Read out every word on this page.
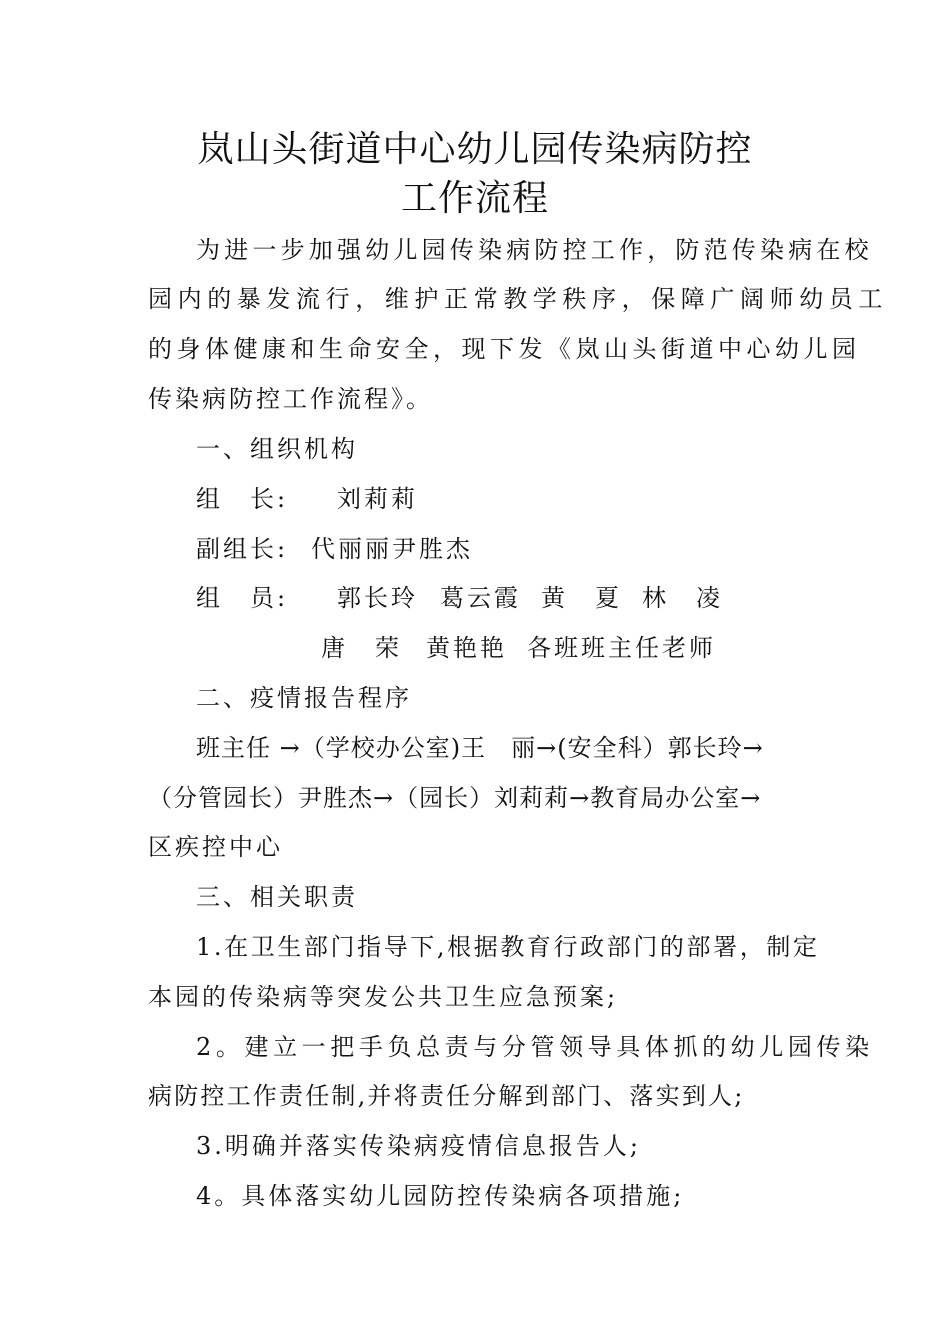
岚山头街道中心幼儿园传染病防控
工作流程
为进一步加强幼儿园传染病防控工作，防范传染病在校
园内的暴发流行，维护正常教学秩序，保障广阔师幼员工
的身体健康和生命安全，现下发《岚山头街道中心幼儿园
传染病防控工作流程》。
一、组织机构
组　长: 刘莉莉
副组长: 代丽丽尹胜杰
组　员: 郭长玲 葛云霞 黄　夏 林　凌
唐　荣 黄艳艳 各班班主任老师
二、疫情报告程序
班主任 →（学校办公室)王　丽→(安全科）郭长玲→
（分管园长）尹胜杰→（园长）刘莉莉→教育局办公室→
区疾控中心
三、相关职责
1.在卫生部门指导下,根据教育行政部门的部署，制定
本园的传染病等突发公共卫生应急预案;
2。建立一把手负总责与分管领导具体抓的幼儿园传染
病防控工作责任制,并将责任分解到部门、落实到人;
3.明确并落实传染病疫情信息报告人;
4。具体落实幼儿园防控传染病各项措施;
